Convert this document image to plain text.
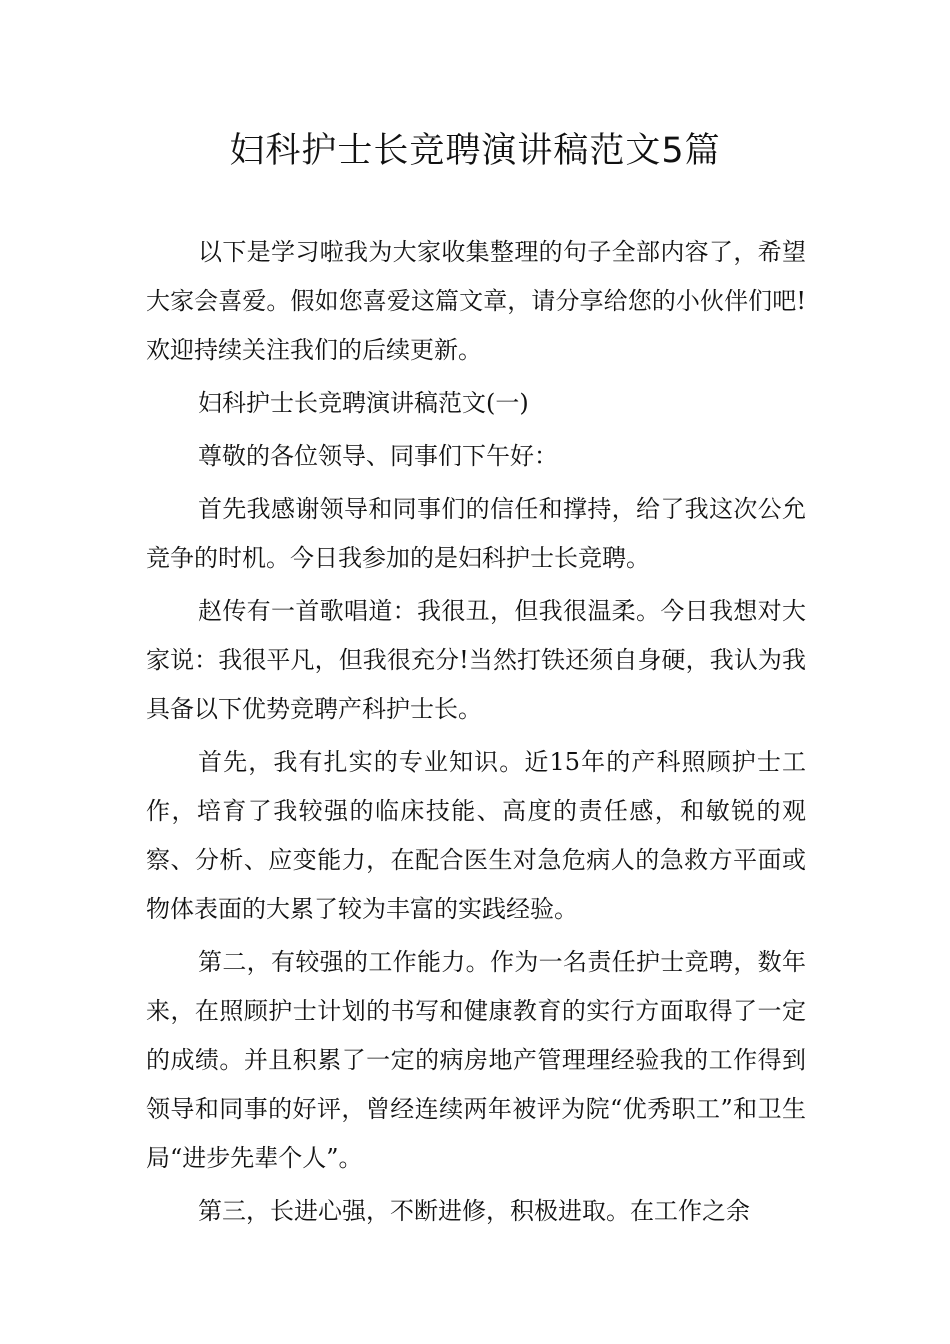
妇科护士长竞聘演讲稿范文5篇

以下是学习啦我为大家收集整理的句子全部内容了，希望大家会喜爱。假如您喜爱这篇文章，请分享给您的小伙伴们吧!欢迎持续关注我们的后续更新。

妇科护士长竞聘演讲稿范文(一)

尊敬的各位领导、同事们下午好：

首先我感谢领导和同事们的信任和撑持，给了我这次公允竞争的时机。今日我参加的是妇科护士长竞聘。

赵传有一首歌唱道：我很丑，但我很温柔。今日我想对大家说：我很平凡，但我很充分!当然打铁还须自身硬，我认为我具备以下优势竞聘产科护士长。

首先，我有扎实的专业知识。近15年的产科照顾护士工作，培育了我较强的临床技能、高度的责任感，和敏锐的观察、分析、应变能力，在配合医生对急危病人的急救方平面或物体表面的大累了较为丰富的实践经验。

第二，有较强的工作能力。作为一名责任护士竞聘，数年来，在照顾护士计划的书写和健康教育的实行方面取得了一定的成绩。并且积累了一定的病房地产管理理经验我的工作得到领导和同事的好评，曾经连续两年被评为院“优秀职工”和卫生局“进步先辈个人”。

第三，长进心强，不断进修，积极进取。在工作之余
